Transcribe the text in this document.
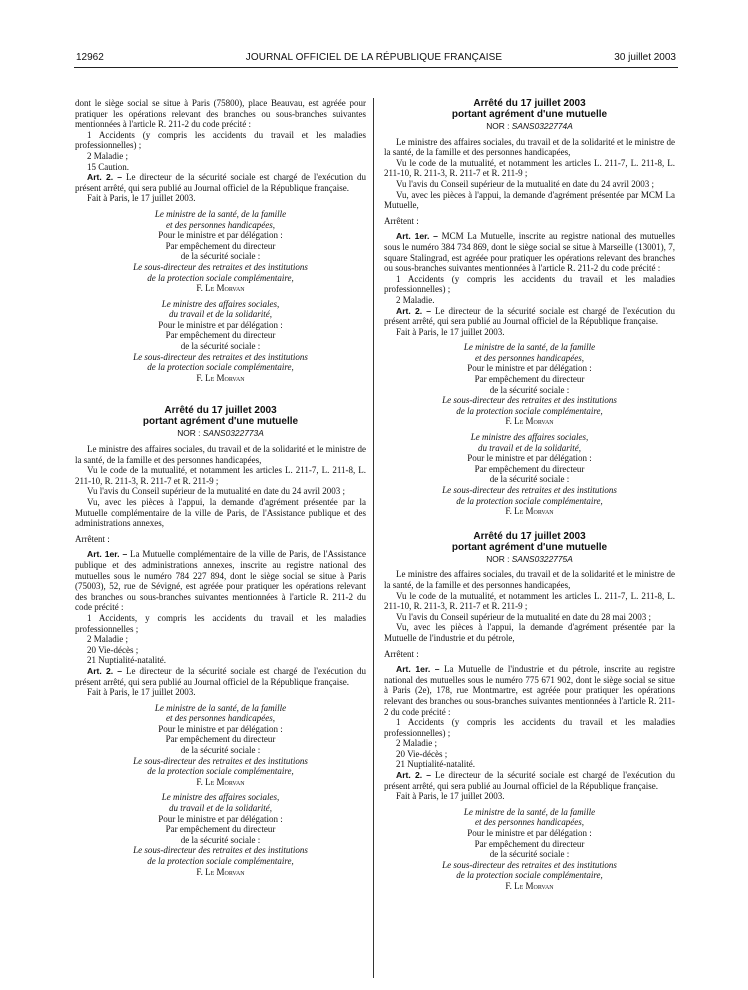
12962	JOURNAL OFFICIEL DE LA RÉPUBLIQUE FRANÇAISE	30 juillet 2003

dont le siège social se situe à Paris (75800), place Beauvau, est agréée pour pratiquer les opérations relevant des branches ou sous-branches suivantes mentionnées à l'article R. 211-2 du code précité :

1 Accidents (y compris les accidents du travail et les maladies professionnelles) ;

2 Maladie ;

15 Caution.

Art. 2. – Le directeur de la sécurité sociale est chargé de l'exécution du présent arrêté, qui sera publié au Journal officiel de la République française.

Fait à Paris, le 17 juillet 2003.

Le ministre de la santé, de la famille
et des personnes handicapées,
Pour le ministre et par délégation :
Par empêchement du directeur
de la sécurité sociale :
Le sous-directeur des retraites et des institutions
de la protection sociale complémentaire,
F. Le Morvan
Le ministre des affaires sociales,
du travail et de la solidarité,
Pour le ministre et par délégation :
Par empêchement du directeur
de la sécurité sociale :
Le sous-directeur des retraites et des institutions
de la protection sociale complémentaire,
F. Le Morvan
Arrêté du 17 juillet 2003
portant agrément d'une mutuelle
NOR : SANS0322773A

Le ministre des affaires sociales, du travail et de la solidarité et le ministre de la santé, de la famille et des personnes handicapées,

Vu le code de la mutualité, et notamment les articles L. 211-7, L. 211-8, L. 211-10, R. 211-3, R. 211-7 et R. 211-9 ;

Vu l'avis du Conseil supérieur de la mutualité en date du 24 avril 2003 ;

Vu, avec les pièces à l'appui, la demande d'agrément présentée par la Mutuelle complémentaire de la ville de Paris, de l'Assistance publique et des administrations annexes,

Arrêtent :

Art. 1er. – La Mutuelle complémentaire de la ville de Paris, de l'Assistance publique et des administrations annexes, inscrite au registre national des mutuelles sous le numéro 784 227 894, dont le siège social se situe à Paris (75003), 52, rue de Sévigné, est agréée pour pratiquer les opérations relevant des branches ou sous-branches suivantes mentionnées à l'article R. 211-2 du code précité :

1 Accidents, y compris les accidents du travail et les maladies professionnelles ;

2 Maladie ;

20 Vie-décès ;

21 Nuptialité-natalité.

Art. 2. – Le directeur de la sécurité sociale est chargé de l'exécution du présent arrêté, qui sera publié au Journal officiel de la République française.

Fait à Paris, le 17 juillet 2003.

Le ministre de la santé, de la famille
et des personnes handicapées,
Pour le ministre et par délégation :
Par empêchement du directeur
de la sécurité sociale :
Le sous-directeur des retraites et des institutions
de la protection sociale complémentaire,
F. Le Morvan
Le ministre des affaires sociales,
du travail et de la solidarité,
Pour le ministre et par délégation :
Par empêchement du directeur
de la sécurité sociale :
Le sous-directeur des retraites et des institutions
de la protection sociale complémentaire,
F. Le Morvan
Arrêté du 17 juillet 2003
portant agrément d'une mutuelle
NOR : SANS0322774A

Le ministre des affaires sociales, du travail et de la solidarité et le ministre de la santé, de la famille et des personnes handicapées,

Vu le code de la mutualité, et notamment les articles L. 211-7, L. 211-8, L. 211-10, R. 211-3, R. 211-7 et R. 211-9 ;

Vu l'avis du Conseil supérieur de la mutualité en date du 24 avril 2003 ;

Vu, avec les pièces à l'appui, la demande d'agrément présentée par MCM La Mutuelle,

Arrêtent :

Art. 1er. – MCM La Mutuelle, inscrite au registre national des mutuelles sous le numéro 384 734 869, dont le siège social se situe à Marseille (13001), 7, square Stalingrad, est agréée pour pratiquer les opérations relevant des branches ou sous-branches suivantes mentionnées à l'article R. 211-2 du code précité :

1 Accidents (y compris les accidents du travail et les maladies professionnelles) ;

2 Maladie.

Art. 2. – Le directeur de la sécurité sociale est chargé de l'exécution du présent arrêté, qui sera publié au Journal officiel de la République française.

Fait à Paris, le 17 juillet 2003.

Le ministre de la santé, de la famille
et des personnes handicapées,
Pour le ministre et par délégation :
Par empêchement du directeur
de la sécurité sociale :
Le sous-directeur des retraites et des institutions
de la protection sociale complémentaire,
F. Le Morvan
Le ministre des affaires sociales,
du travail et de la solidarité,
Pour le ministre et par délégation :
Par empêchement du directeur
de la sécurité sociale :
Le sous-directeur des retraites et des institutions
de la protection sociale complémentaire,
F. Le Morvan
Arrêté du 17 juillet 2003
portant agrément d'une mutuelle
NOR : SANS0322775A

Le ministre des affaires sociales, du travail et de la solidarité et le ministre de la santé, de la famille et des personnes handicapées,

Vu le code de la mutualité, et notamment les articles L. 211-7, L. 211-8, L. 211-10, R. 211-3, R. 211-7 et R. 211-9 ;

Vu l'avis du Conseil supérieur de la mutualité en date du 28 mai 2003 ;

Vu, avec les pièces à l'appui, la demande d'agrément présentée par la Mutuelle de l'industrie et du pétrole,

Arrêtent :

Art. 1er. – La Mutuelle de l'industrie et du pétrole, inscrite au registre national des mutuelles sous le numéro 775 671 902, dont le siège social se situe à Paris (2e), 178, rue Montmartre, est agréée pour pratiquer les opérations relevant des branches ou sous-branches suivantes mentionnées à l'article R. 211-2 du code précité :

1 Accidents (y compris les accidents du travail et les maladies professionnelles) ;

2 Maladie ;

20 Vie-décès ;

21 Nuptialité-natalité.

Art. 2. – Le directeur de la sécurité sociale est chargé de l'exécution du présent arrêté, qui sera publié au Journal officiel de la République française.

Fait à Paris, le 17 juillet 2003.

Le ministre de la santé, de la famille
et des personnes handicapées,
Pour le ministre et par délégation :
Par empêchement du directeur
de la sécurité sociale :
Le sous-directeur des retraites et des institutions
de la protection sociale complémentaire,
F. Le Morvan
